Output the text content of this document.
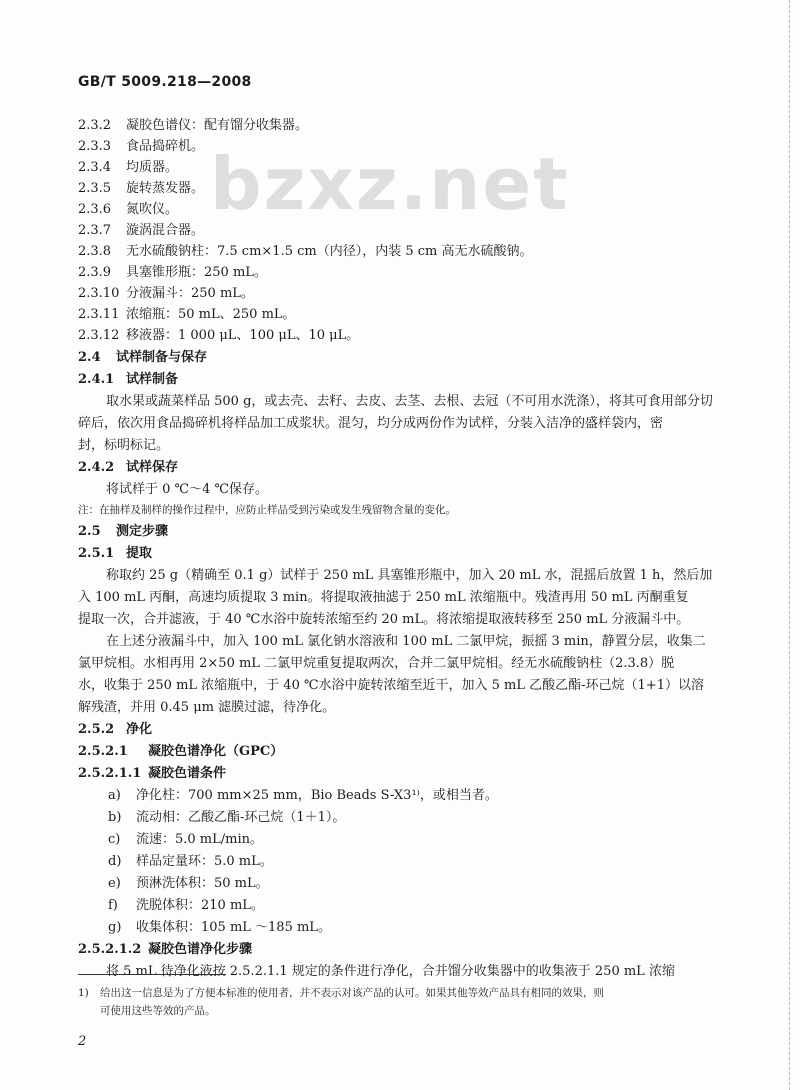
GB/T 5009.218—2008
bzxz.net
2.3.2 凝胶色谱仪：配有馏分收集器。
2.3.3 食品捣碎机。
2.3.4 均质器。
2.3.5 旋转蒸发器。
2.3.6 氮吹仪。
2.3.7 漩涡混合器。
2.3.8 无水硫酸钠柱：7.5 cm×1.5 cm（内径），内装 5 cm 高无水硫酸钠。
2.3.9 具塞锥形瓶：250 mL。
2.3.10 分液漏斗：250 mL。
2.3.11 浓缩瓶：50 mL、250 mL。
2.3.12 移液器：1 000 μL、100 μL、10 μL。
2.4 试样制备与保存
2.4.1 试样制备
取水果或蔬菜样品 500 g，或去壳、去籽、去皮、去茎、去根、去冠（不可用水洗涤），将其可食用部分切
碎后，依次用食品捣碎机将样品加工成浆状。混匀，均分成两份作为试样，分装入洁净的盛样袋内，密
封，标明标记。
2.4.2 试样保存
将试样于 0 ℃～4 ℃保存。
注：在抽样及制样的操作过程中，应防止样品受到污染或发生残留物含量的变化。
2.5 测定步骤
2.5.1 提取
称取约 25 g（精确至 0.1 g）试样于 250 mL 具塞锥形瓶中，加入 20 mL 水，混摇后放置 1 h，然后加
入 100 mL 丙酮，高速均质提取 3 min。将提取液抽滤于 250 mL 浓缩瓶中。残渣再用 50 mL 丙酮重复
提取一次，合并滤液，于 40 ℃水浴中旋转浓缩至约 20 mL。将浓缩提取液转移至 250 mL 分液漏斗中。
在上述分液漏斗中，加入 100 mL 氯化钠水溶液和 100 mL 二氯甲烷，振摇 3 min，静置分层，收集二
氯甲烷相。水相再用 2×50 mL 二氯甲烷重复提取两次，合并二氯甲烷相。经无水硫酸钠柱（2.3.8）脱
水，收集于 250 mL 浓缩瓶中，于 40 ℃水浴中旋转浓缩至近干，加入 5 mL 乙酸乙酯-环己烷（1+1）以溶
解残渣，并用 0.45 μm 滤膜过滤，待净化。
2.5.2 净化
2.5.2.1 凝胶色谱净化（GPC）
2.5.2.1.1 凝胶色谱条件
a) 净化柱：700 mm×25 mm，Bio Beads S-X3¹⁾，或相当者。
b) 流动相：乙酸乙酯-环己烷（1＋1）。
c) 流速：5.0 mL/min。
d) 样品定量环：5.0 mL。
e) 预淋洗体积：50 mL。
f) 洗脱体积：210 mL。
g) 收集体积：105 mL ～185 mL。
2.5.2.1.2 凝胶色谱净化步骤
将 5 mL 待净化液按 2.5.2.1.1 规定的条件进行净化，合并馏分收集器中的收集液于 250 mL 浓缩
1) 给出这一信息是为了方便本标准的使用者，并不表示对该产品的认可。如果其他等效产品具有相同的效果，则
可使用这些等效的产品。
2
